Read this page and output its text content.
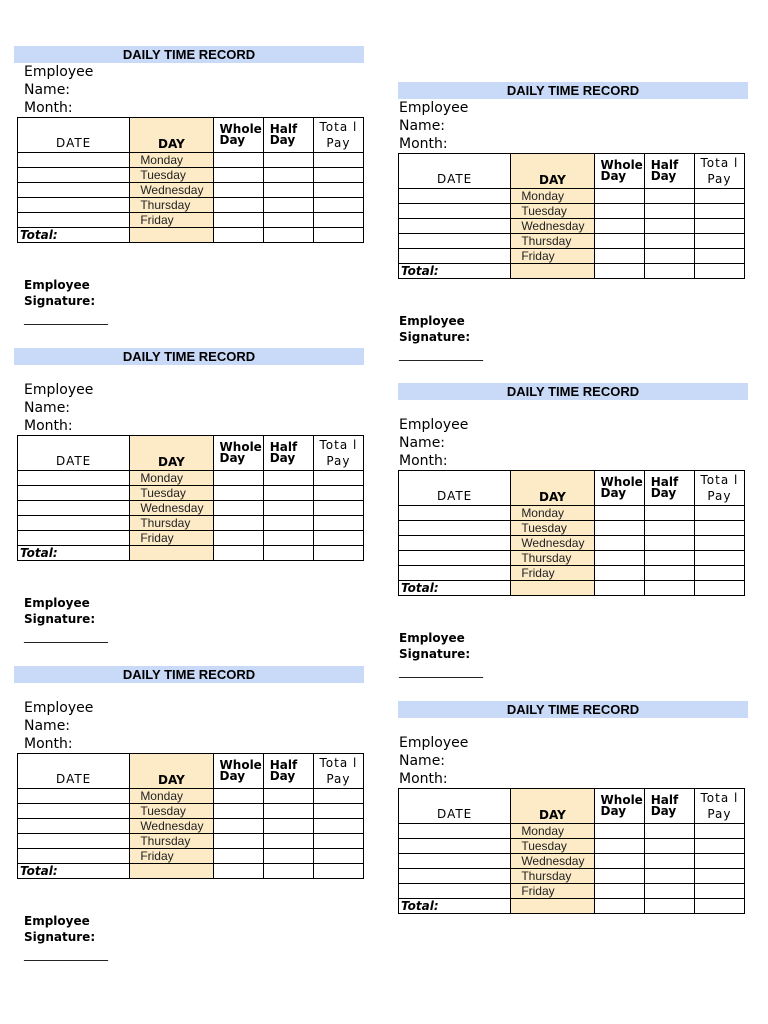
DAILY TIME RECORD
Employee
Name:
Month:
DATE	DAY	Whole Day	Half Day	Tota l Pay
	Monday			
	Tuesday			
	Wednesday			
	Thursday			
	Friday			
Total:				
Employee
Signature:
______________
DAILY TIME RECORD
Employee
Name:
Month:
DATE	DAY	Whole Day	Half Day	Tota l Pay
	Monday			
	Tuesday			
	Wednesday			
	Thursday			
	Friday			
Total:				
Employee
Signature:
______________
DAILY TIME RECORD
Employee
Name:
Month:
DATE	DAY	Whole Day	Half Day	Tota l Pay
	Monday			
	Tuesday			
	Wednesday			
	Thursday			
	Friday			
Total:				
Employee
Signature:
______________
DAILY TIME RECORD
Employee
Name:
Month:
DATE	DAY	Whole Day	Half Day	Tota l Pay
	Monday			
	Tuesday			
	Wednesday			
	Thursday			
	Friday			
Total:				
Employee
Signature:
______________
DAILY TIME RECORD
Employee
Name:
Month:
DATE	DAY	Whole Day	Half Day	Tota l Pay
	Monday			
	Tuesday			
	Wednesday			
	Thursday			
	Friday			
Total:				
Employee
Signature:
______________
DAILY TIME RECORD
Employee
Name:
Month:
DATE	DAY	Whole Day	Half Day	Tota l Pay
	Monday			
	Tuesday			
	Wednesday			
	Thursday			
	Friday			
Total:				
